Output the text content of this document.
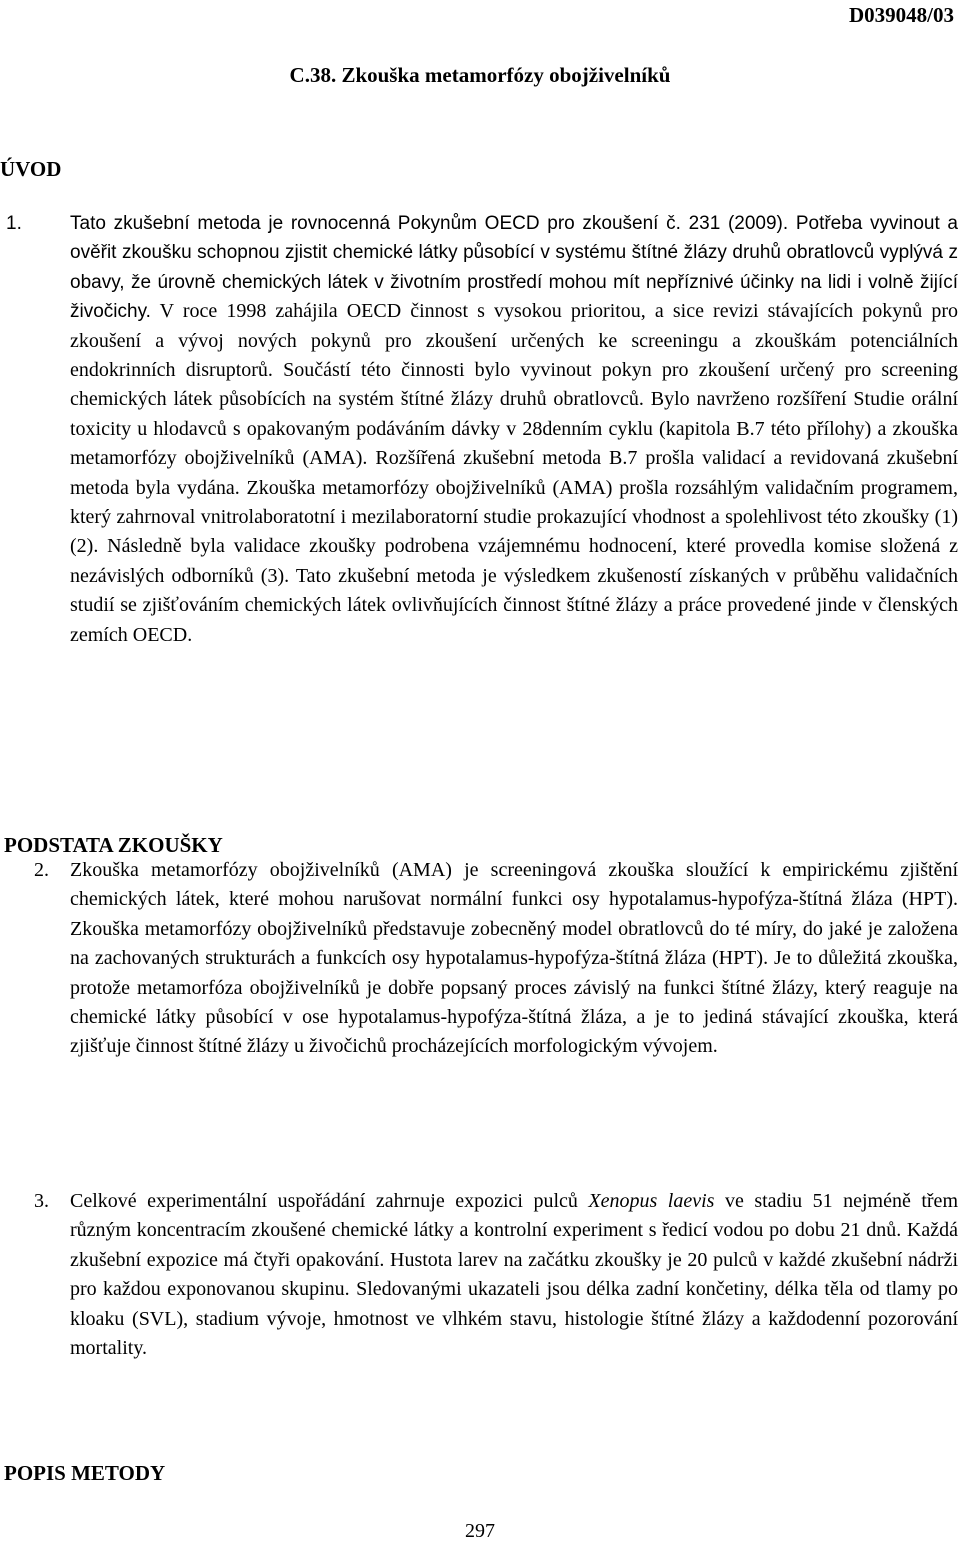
D039048/03
C.38. Zkouška metamorfózy obojživelníků
ÚVOD
1.	Tato zkušební metoda je rovnocenná Pokynům OECD pro zkoušení č. 231 (2009). Potřeba vyvinout a ověřit zkoušku schopnou zjistit chemické látky působící v systému štítné žlázy druhů obratlovců vyplývá z obavy, že úrovně chemických látek v životním prostředí mohou mít nepříznivé účinky na lidi i volně žijící živočichy. V roce 1998 zahájila OECD činnost s vysokou prioritou, a sice revizi stávajících pokynů pro zkoušení a vývoj nových pokynů pro zkoušení určených ke screeningu a zkouškám potenciálních endokrinních disruptorů. Součástí této činnosti bylo vyvinout pokyn pro zkoušení určený pro screening chemických látek působících na systém štítné žlázy druhů obratlovců. Bylo navrženo rozšíření Studie orální toxicity u hlodavců s opakovaným podáváním dávky v 28denním cyklu (kapitola B.7 této přílohy) a zkouška metamorfózy obojživelníků (AMA). Rozšířená zkušební metoda B.7 prošla validací a revidovaná zkušební metoda byla vydána. Zkouška metamorfózy obojživelníků (AMA) prošla rozsáhlým validačním programem, který zahrnoval vnitrolaboratotní i mezilaboratorní studie prokazující vhodnost a spolehlivost této zkoušky (1)(2). Následně byla validace zkoušky podrobena vzájemnému hodnocení, které provedla komise složená z nezávislých odborníků (3). Tato zkušební metoda je výsledkem zkušeností získaných v průběhu validačních studií se zjišťováním chemických látek ovlivňujících činnost štítné žlázy a práce provedené jinde v členských zemích OECD.
PODSTATA ZKOUŠKY
2. Zkouška metamorfózy obojživelníků (AMA) je screeningová zkouška sloužící k empirickému zjištění chemických látek, které mohou narušovat normální funkci osy hypotalamus-hypofýza-štítná žláza (HPT). Zkouška metamorfózy obojživelníků představuje zobecněný model obratlovců do té míry, do jaké je založena na zachovaných strukturách a funkcích osy hypotalamus-hypofýza-štítná žláza (HPT). Je to důležitá zkouška, protože metamorfóza obojživelníků je dobře popsaný proces závislý na funkci štítné žlázy, který reaguje na chemické látky působící v ose hypotalamus-hypofýza-štítná žláza, a je to jediná stávající zkouška, která zjišťuje činnost štítné žlázy u živočichů procházejících morfologickým vývojem.
3. Celkové experimentální uspořádání zahrnuje expozici pulců Xenopus laevis ve stadiu 51 nejméně třem různým koncentracím zkoušené chemické látky a kontrolní experiment s ředicí vodou po dobu 21 dnů. Každá zkušební expozice má čtyři opakování. Hustota larev na začátku zkoušky je 20 pulců v každé zkušební nádrži pro každou exponovanou skupinu. Sledovanými ukazateli jsou délka zadní končetiny, délka těla od tlamy po kloaku (SVL), stadium vývoje, hmotnost ve vlhkém stavu, histologie štítné žlázy a každodenní pozorování mortality.
POPIS METODY
297
